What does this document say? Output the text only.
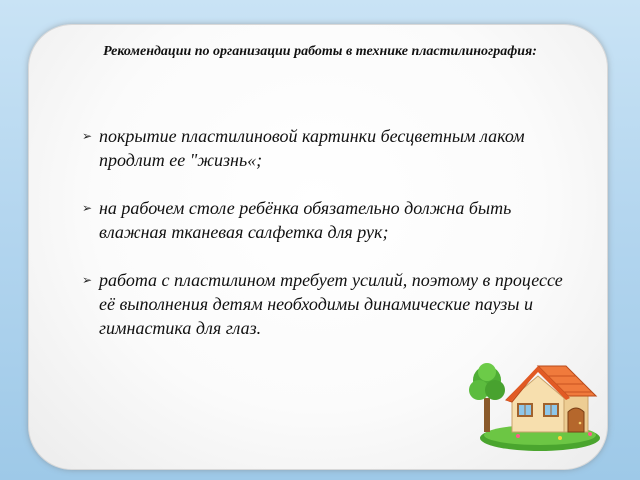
Рекомендации по организации работы в технике пластилинография:
➢ покрытие пластилиновой картинки бесцветным лаком продлит ее "жизнь«;
➢ на рабочем столе ребёнка обязательно должна быть влажная тканевая салфетка для рук;
➢ работа с пластилином требует усилий, поэтому в процессе её выполнения детям необходимы динамические паузы и гимнастика для глаз.
